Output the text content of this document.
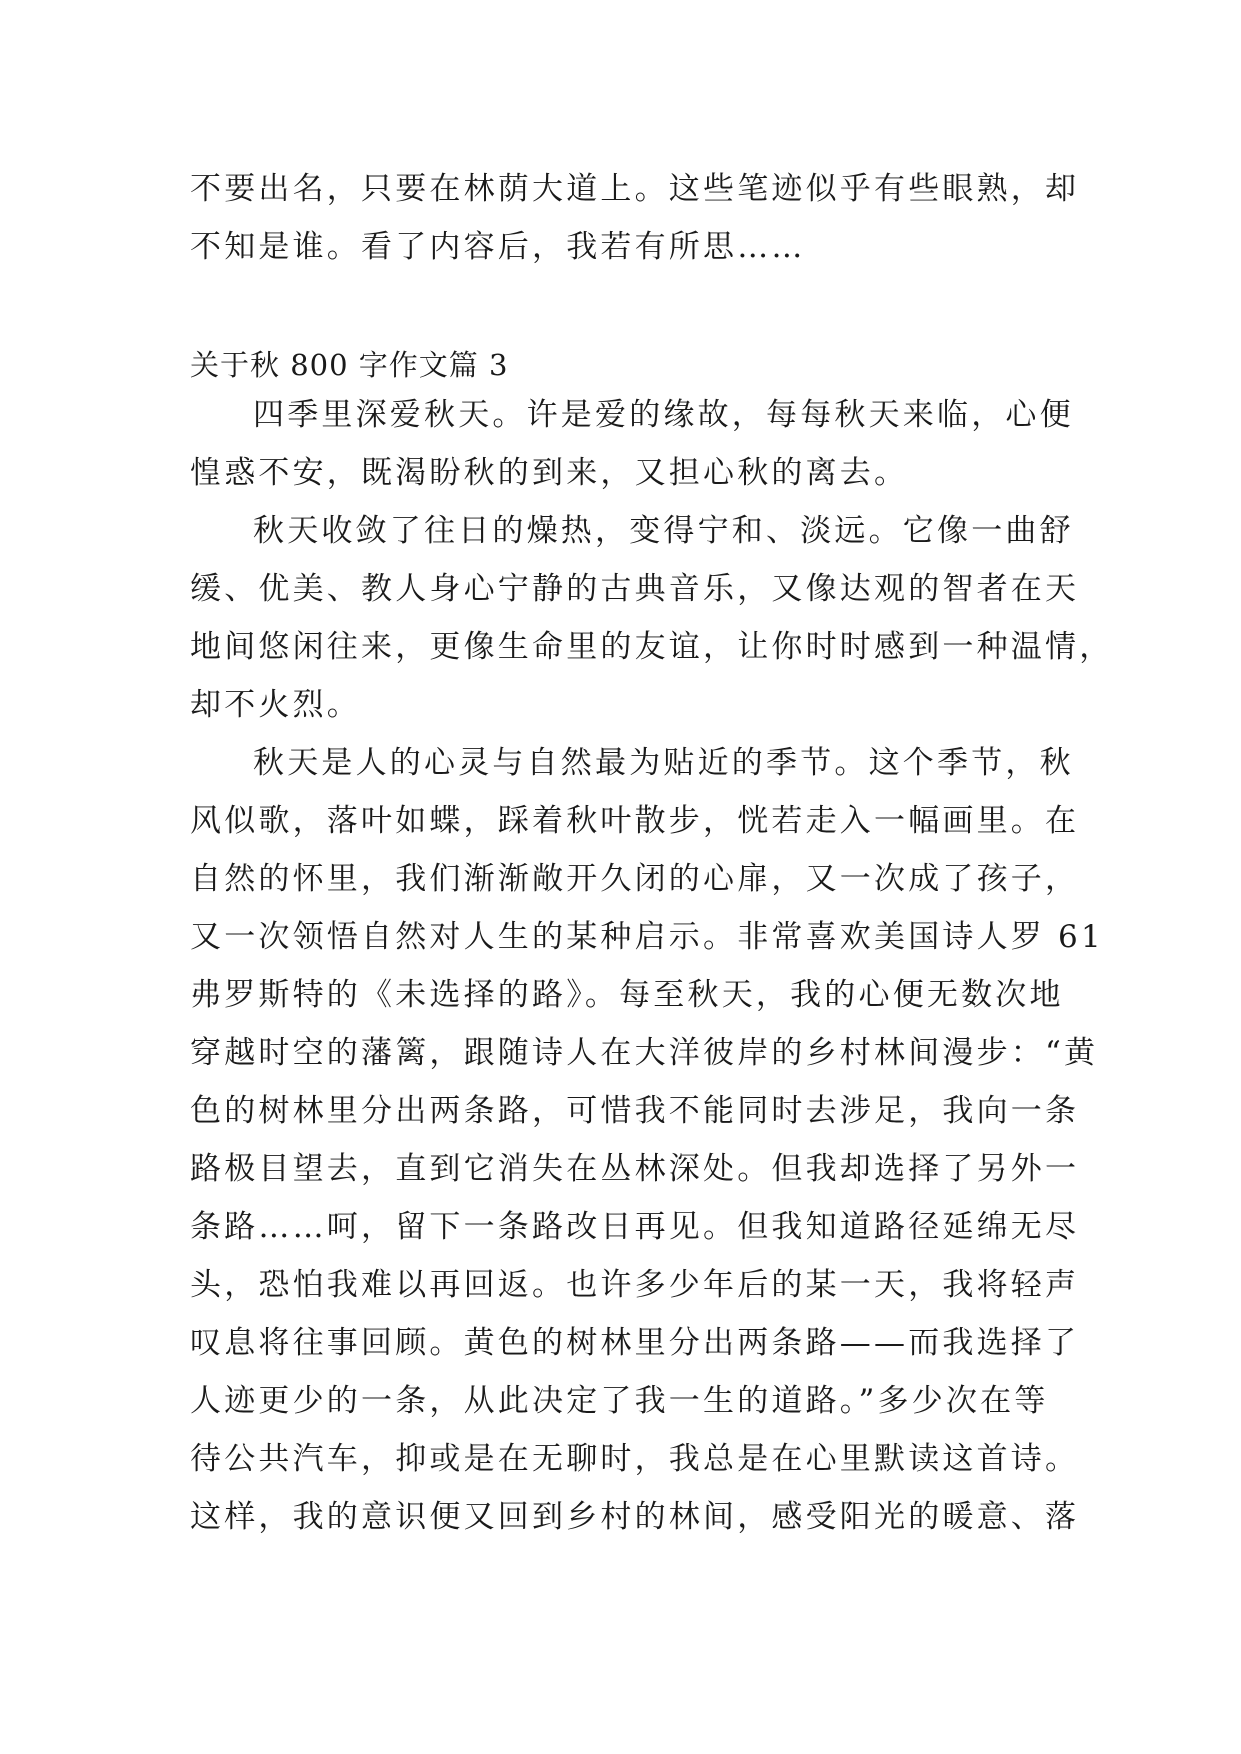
不要出名，只要在林荫大道上。这些笔迹似乎有些眼熟，却
不知是谁。看了内容后，我若有所思……
关于秋 800 字作文篇 3
四季里深爱秋天。许是爱的缘故，每每秋天来临，心便
惶惑不安，既渴盼秋的到来，又担心秋的离去。
秋天收敛了往日的燥热，变得宁和、淡远。它像一曲舒
缓、优美、教人身心宁静的古典音乐，又像达观的智者在天
地间悠闲往来，更像生命里的友谊，让你时时感到一种温情，
却不火烈。
秋天是人的心灵与自然最为贴近的季节。这个季节，秋
风似歌，落叶如蝶，踩着秋叶散步，恍若走入一幅画里。在
自然的怀里，我们渐渐敞开久闭的心扉，又一次成了孩子，
又一次领悟自然对人生的某种启示。非常喜欢美国诗人罗 61
弗罗斯特的《未选择的路》。每至秋天，我的心便无数次地
穿越时空的藩篱，跟随诗人在大洋彼岸的乡村林间漫步：“黄
色的树林里分出两条路，可惜我不能同时去涉足，我向一条
路极目望去，直到它消失在丛林深处。但我却选择了另外一
条路……呵，留下一条路改日再见。但我知道路径延绵无尽
头，恐怕我难以再回返。也许多少年后的某一天，我将轻声
叹息将往事回顾。黄色的树林里分出两条路——而我选择了
人迹更少的一条，从此决定了我一生的道路。”多少次在等
待公共汽车，抑或是在无聊时，我总是在心里默读这首诗。
这样，我的意识便又回到乡村的林间，感受阳光的暖意、落
